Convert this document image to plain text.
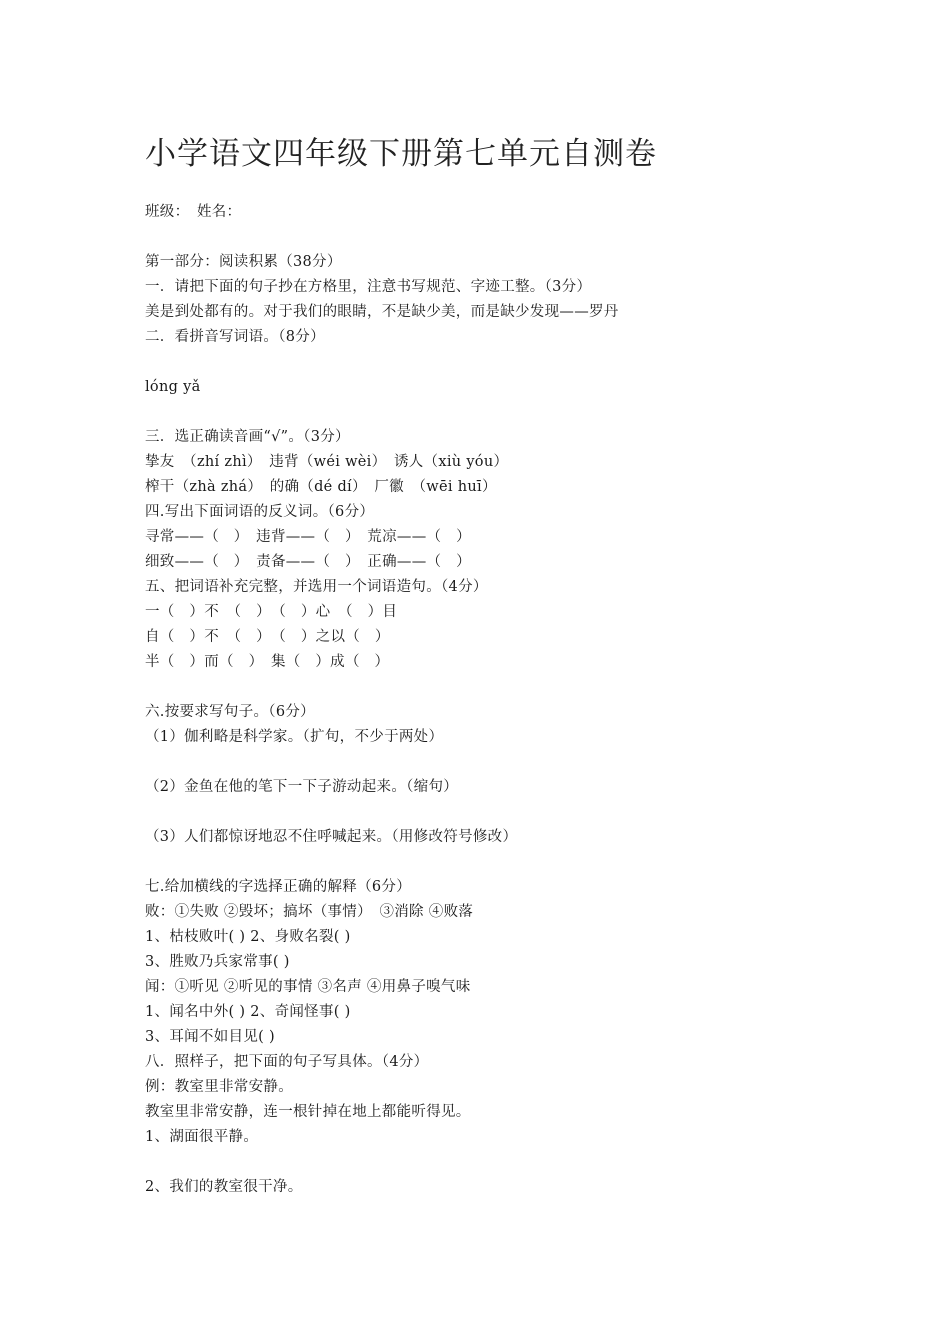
小学语文四年级下册第七单元自测卷
班级：　姓名：
第一部分：阅读积累（38分）
一．请把下面的句子抄在方格里，注意书写规范、字迹工整。（3分）
美是到处都有的。对于我们的眼睛，不是缺少美，而是缺少发现——罗丹
二．看拼音写词语。（8分）
lóng yǎ
三．选正确读音画“√”。（3分）
挚友　（zhí zhì）　违背（wéi wèi）　诱人（xiù yóu）
榨干（zhà zhá）　的确（dé dí）　厂徽　（wēi huī）
四.写出下面词语的反义词。（6分）
寻常——（　）　违背——（　）　荒凉——（　）
细致——（　）　责备——（　）　正确——（　）
五、把词语补充完整，并选用一个词语造句。（4分）
一（　）不　（　）　（　）心　（　）目
自（　）不　（　）　（　）之以（　）
半（　）而（　）　集（　）成（　）
六.按要求写句子。（6分）
（1）伽利略是科学家。（扩句，不少于两处）
（2）金鱼在他的笔下一下子游动起来。（缩句）
（3）人们都惊讶地忍不住呼喊起来。（用修改符号修改）
七.给加横线的字选择正确的解释（6分）
败：①失败 ②毁坏；搞坏（事情）　③消除 ④败落
1、枯枝败叶( ) 2、身败名裂( )
3、胜败乃兵家常事( )
闻：①听见 ②听见的事情 ③名声 ④用鼻子嗅气味
1、闻名中外( ) 2、奇闻怪事( )
3、耳闻不如目见( )
八．照样子，把下面的句子写具体。（4分）
例：教室里非常安静。
教室里非常安静，连一根针掉在地上都能听得见。
1、湖面很平静。
2、我们的教室很干净。
